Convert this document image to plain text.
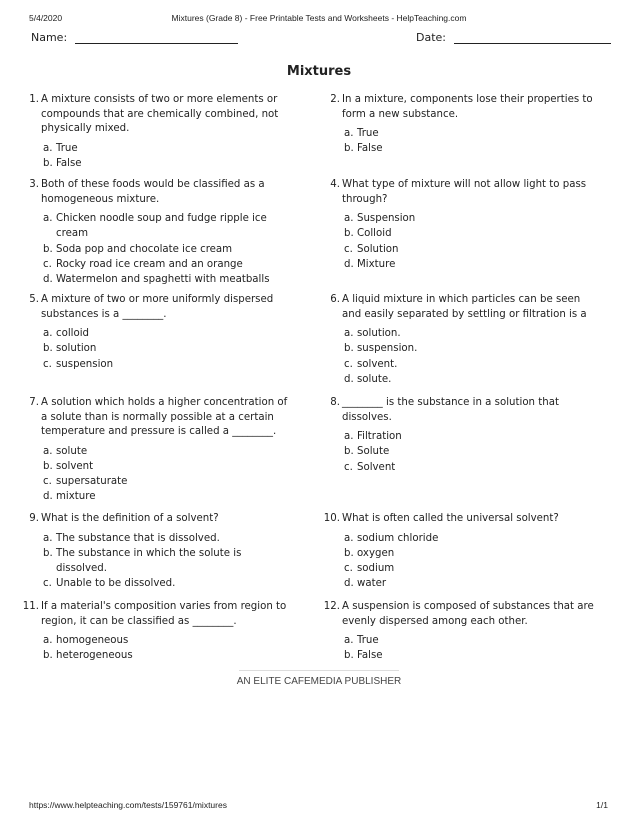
5/4/2020	Mixtures (Grade 8) - Free Printable Tests and Worksheets - HelpTeaching.com
Name:	Date:
Mixtures
1. A mixture consists of two or more elements or compounds that are chemically combined, not physically mixed.
a. True
b. False
2. In a mixture, components lose their properties to form a new substance.
a. True
b. False
3. Both of these foods would be classified as a homogeneous mixture.
a. Chicken noodle soup and fudge ripple ice cream
b. Soda pop and chocolate ice cream
c. Rocky road ice cream and an orange
d. Watermelon and spaghetti with meatballs
4. What type of mixture will not allow light to pass through?
a. Suspension
b. Colloid
c. Solution
d. Mixture
5. A mixture of two or more uniformly dispersed substances is a ________.
a. colloid
b. solution
c. suspension
6. A liquid mixture in which particles can be seen and easily separated by settling or filtration is a
a. solution.
b. suspension.
c. solvent.
d. solute.
7. A solution which holds a higher concentration of a solute than is normally possible at a certain temperature and pressure is called a ________.
a. solute
b. solvent
c. supersaturate
d. mixture
8. ________ is the substance in a solution that dissolves.
a. Filtration
b. Solute
c. Solvent
9. What is the definition of a solvent?
a. The substance that is dissolved.
b. The substance in which the solute is dissolved.
c. Unable to be dissolved.
10. What is often called the universal solvent?
a. sodium chloride
b. oxygen
c. sodium
d. water
11. If a material's composition varies from region to region, it can be classified as ________.
a. homogeneous
b. heterogeneous
12. A suspension is composed of substances that are evenly dispersed among each other.
a. True
b. False
AN ELITE CAFEMEDIA PUBLISHER
https://www.helpteaching.com/tests/159761/mixtures	1/1
